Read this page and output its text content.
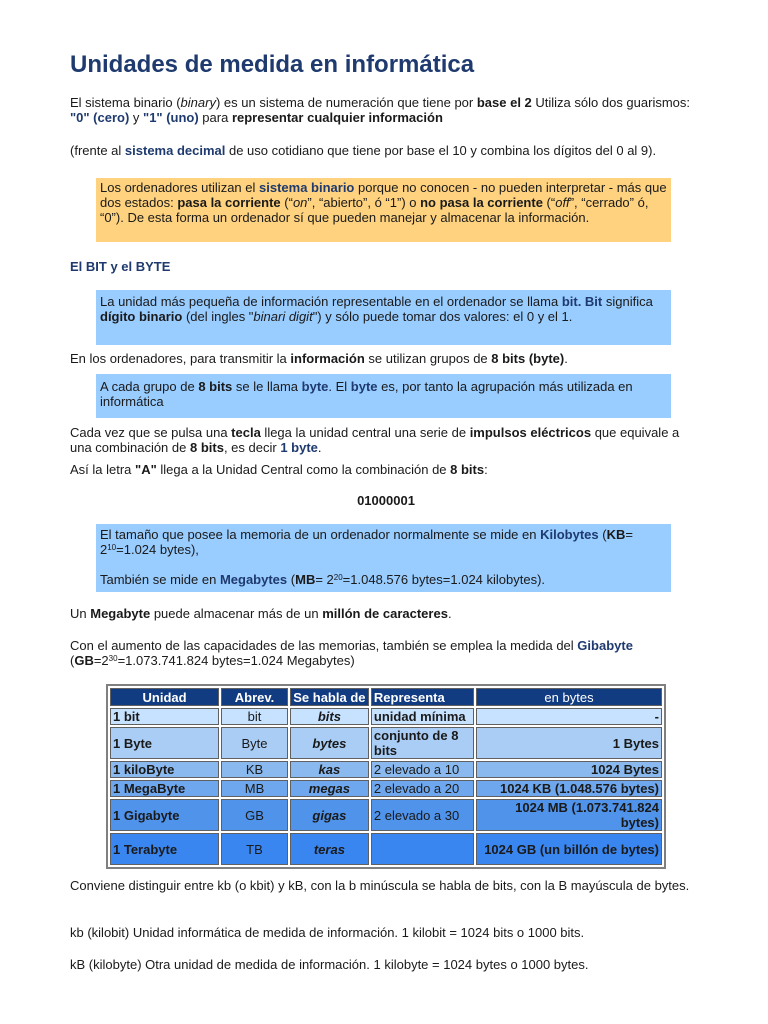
Unidades de medida en informática

El sistema binario (binary) es un sistema de numeración que tiene por base el 2 Utiliza sólo dos guarismos: "0" (cero) y "1" (uno) para representar cualquier información

(frente al sistema decimal de uso cotidiano que tiene por base el 10 y combina los dígitos del 0 al 9).

Los ordenadores utilizan el sistema binario porque no conocen - no pueden interpretar - más que dos estados: pasa la corriente (“on”, “abierto”, ó “1”) o no pasa la corriente (“off”, “cerrado” ó, “0”). De esta forma un ordenador sí que pueden manejar y almacenar la información.
El BIT y el BYTE
La unidad más pequeña de información representable en el ordenador se llama bit. Bit significa dígito binario (del ingles "binari digit") y sólo puede tomar dos valores: el 0 y el 1.

En los ordenadores, para transmitir la información se utilizan grupos de 8 bits (byte).

A cada grupo de 8 bits se le llama byte. El byte es, por tanto la agrupación más utilizada en informática

Cada vez que se pulsa una tecla llega la unidad central una serie de impulsos eléctricos que equivale a una combinación de 8 bits, es decir 1 byte.

Así la letra "A" llega a la Unidad Central como la combinación de 8 bits:

01000001

El tamaño que posee la memoria de un ordenador normalmente se mide en Kilobytes ($KB= 2^{10}=1.024$ bytes),
También se mide en Megabytes ($MB= 2^{20}=1.048.576$ bytes=1.024 kilobytes).

Un Megabyte puede almacenar más de un millón de caracteres.

Con el aumento de las capacidades de las memorias, también se emplea la medida del Gibabyte ($GB=2^{30}=1.073.741.824$ bytes=1.024 Megabytes)

Unidad	Abrev.	Se habla de	Representa	en bytes
1 bit	bit	bits	unidad mínima	-
1 Byte	Byte	bytes	conjunto de 8 bits	1 Bytes
1 kiloByte	KB	kas	2 elevado a 10	1024 Bytes
1 MegaByte	MB	megas	2 elevado a 20	1024 KB (1.048.576 bytes)
1 Gigabyte	GB	gigas	2 elevado a 30	1024 MB (1.073.741.824 bytes)
1 Terabyte	TB	teras		1024 GB (un billón de bytes)

Conviene distinguir entre kb (o kbit) y kB, con la b minúscula se habla de bits, con la B mayúscula de bytes.

kb (kilobit) Unidad informática de medida de información. 1 kilobit = 1024 bits o 1000 bits.

kB (kilobyte) Otra unidad de medida de información. 1 kilobyte = 1024 bytes o 1000 bytes.
